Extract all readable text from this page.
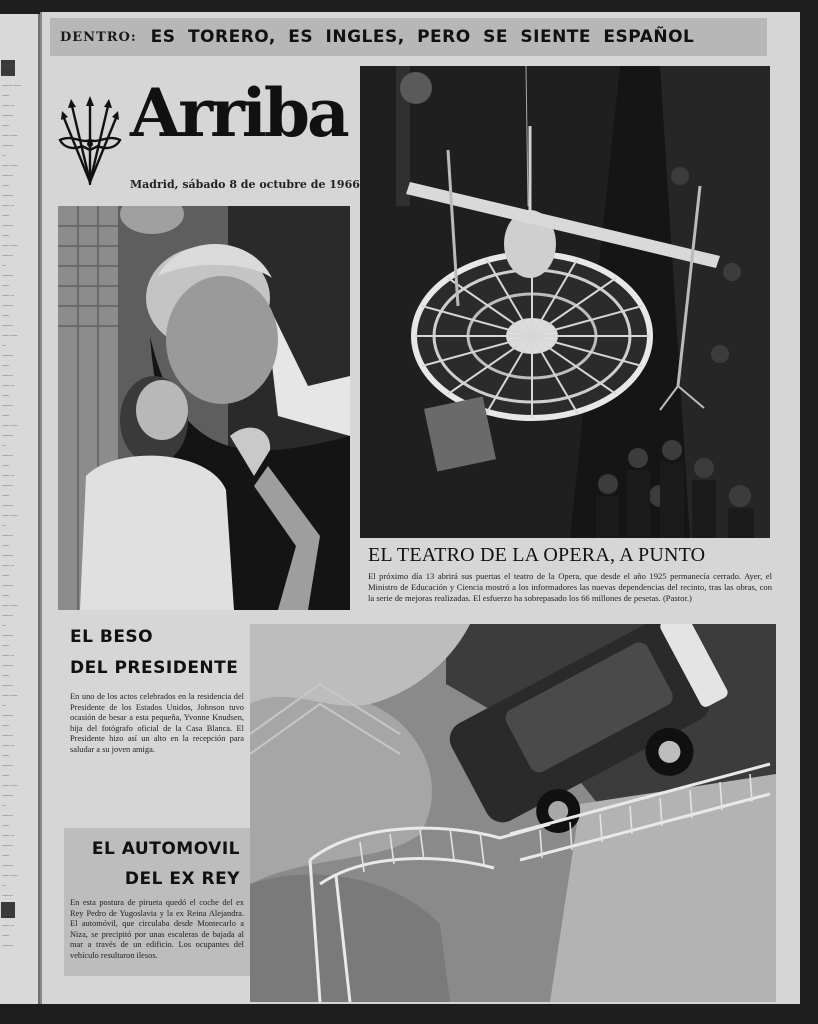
───
──
─── ──
──
── ─
───
──
── ──
───
─
── ──
───
──
───
── ─
──
───
──
── ──
───
─
───
──
── ─
───
──
───
── ──
─
───
──
───
── ─
──
───
──
── ──
───
─
───
──
── ─
───
──
───
── ──
─
───
──
───
── ─
──
───
──
── ──
───
─
───
──
── ─
───
──
───
── ──
─
───
──
───
── ─
──
───
──
── ──
───
─
───
──
── ─
───
──
───
── ──
─
───

── ─
──
───
DENTRO: ES TORERO, ES INGLES, PERO SE SIENTE ESPAÑOL
Arriba
Madrid, sábado 8 de octubre de 1966

EL TEATRO DE LA OPERA, A PUNTO

El próximo día 13 abrirá sus puertas el teatro de la Opera, que desde el año 1925 permanecía cerrado. Ayer, el Ministro de Educación y Ciencia mostró a los informadores las nuevas dependencias del recinto, tras las obras, con la serie de mejoras realizadas. El esfuerzo ha sobrepasado los 66 millones de pesetas. (Pastor.)

EL BESO
DEL PRESIDENTE
En uno de los actos celebrados en la residencia del Presidente de los Estados Unidos, Johnson tuvo ocasión de besar a esta pequeña, Yvonne Knudsen, hija del fotógrafo oficial de la Casa Blanca. El Presidente hizo así un alto en la recepción para saludar a su joven amiga.
EL AUTOMOVIL
DEL EX REY
En esta postura de pirueta quedó el coche del ex Rey Pedro de Yugoslavia y la ex Reina Alejandra. El automóvil, que circulaba desde Montecarlo a Niza, se precipitó por unas escaleras de bajada al mar a través de un edificio. Los ocupantes del vehículo resultaron ilesos.
